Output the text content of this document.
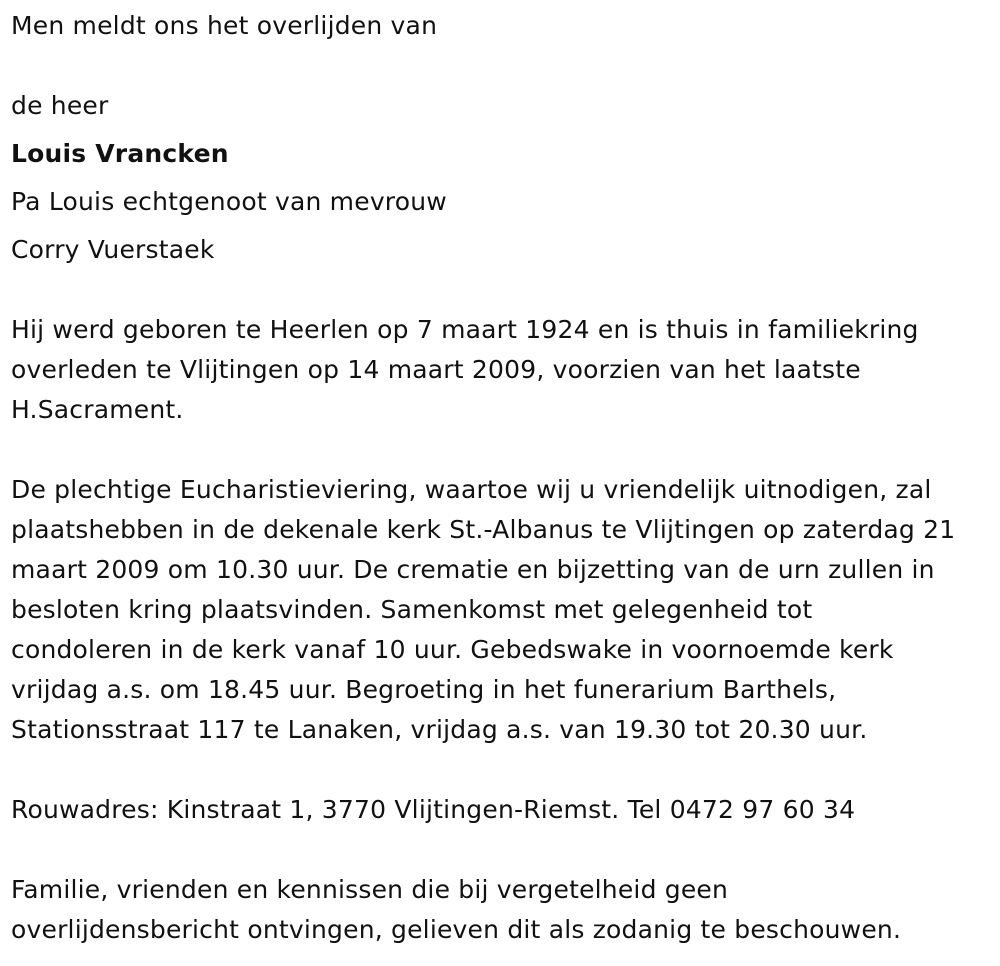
Men meldt ons het overlijden van
de heer
Louis Vrancken
Pa Louis echtgenoot van mevrouw
Corry Vuerstaek
Hij werd geboren te Heerlen op 7 maart 1924 en is thuis in familiekring
overleden te Vlijtingen op 14 maart 2009, voorzien van het laatste
H.Sacrament.
De plechtige Eucharistieviering, waartoe wij u vriendelijk uitnodigen, zal
plaatshebben in de dekenale kerk St.-Albanus te Vlijtingen op zaterdag 21
maart 2009 om 10.30 uur. De crematie en bijzetting van de urn zullen in
besloten kring plaatsvinden. Samenkomst met gelegenheid tot
condoleren in de kerk vanaf 10 uur. Gebedswake in voornoemde kerk
vrijdag a.s. om 18.45 uur. Begroeting in het funerarium Barthels,
Stationsstraat 117 te Lanaken, vrijdag a.s. van 19.30 tot 20.30 uur.
Rouwadres: Kinstraat 1, 3770 Vlijtingen-Riemst. Tel 0472 97 60 34
Familie, vrienden en kennissen die bij vergetelheid geen
overlijdensbericht ontvingen, gelieven dit als zodanig te beschouwen.
